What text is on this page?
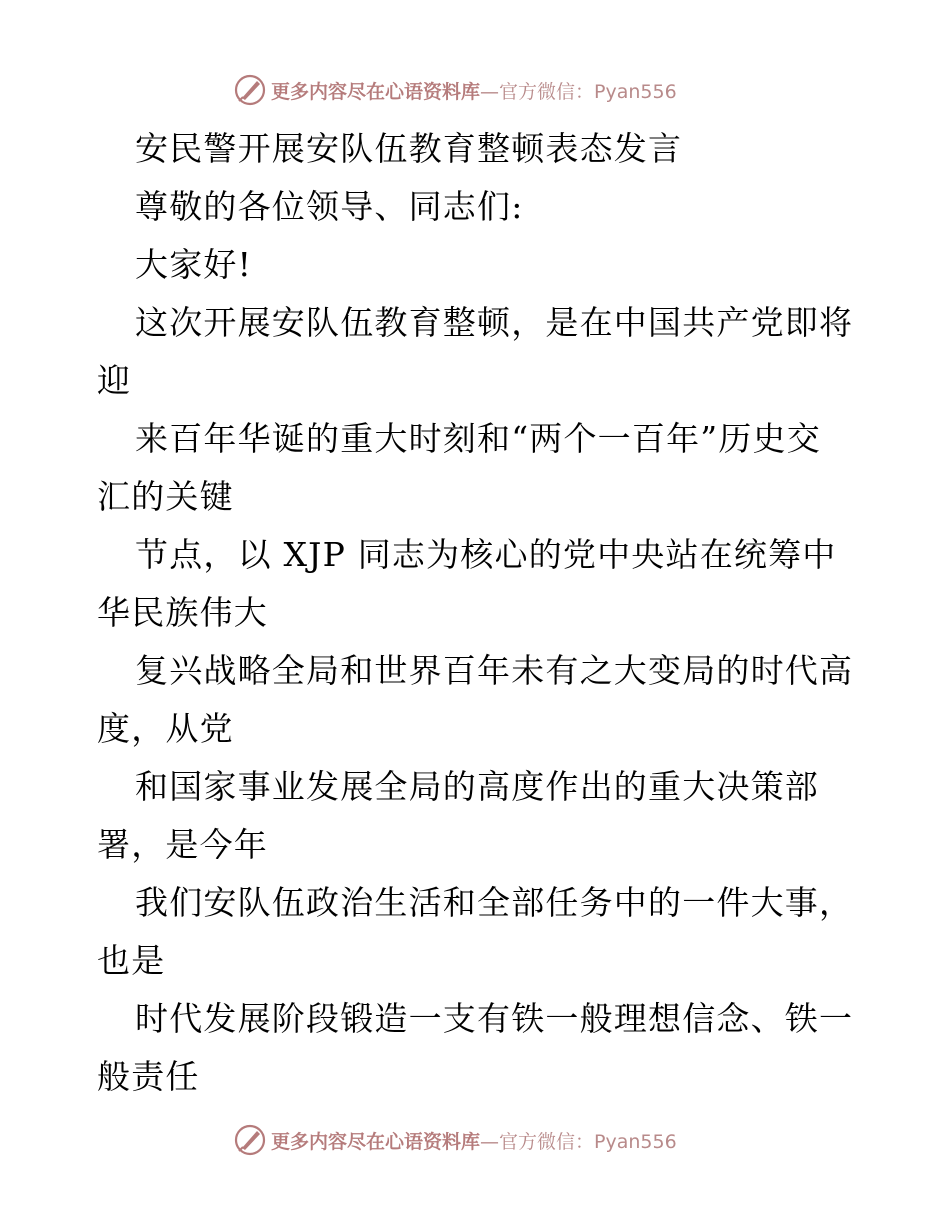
更多内容尽在心语资料库—官方微信：Pyan556
安民警开展安队伍教育整顿表态发言
尊敬的各位领导、同志们:
大家好!
这次开展安队伍教育整顿，是在中国共产党即将
迎
来百年华诞的重大时刻和“两个一百年”历史交
汇的关键
节点，以 XJP 同志为核心的党中央站在统筹中
华民族伟大
复兴战略全局和世界百年未有之大变局的时代高
度，从党
和国家事业发展全局的高度作出的重大决策部
署，是今年
我们安队伍政治生活和全部任务中的一件大事，
也是
时代发展阶段锻造一支有铁一般理想信念、铁一
般责任
更多内容尽在心语资料库—官方微信：Pyan556
